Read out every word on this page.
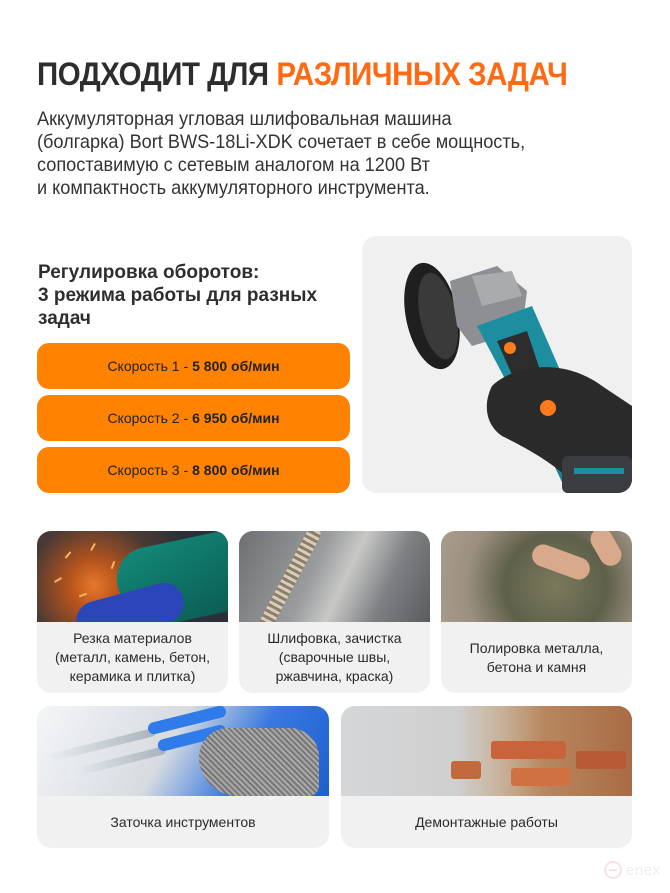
ПОДХОДИТ ДЛЯ РАЗЛИЧНЫХ ЗАДАЧ
Аккумуляторная угловая шлифовальная машина
(болгарка) Bort BWS-18Li-XDK сочетает в себе мощность,
сопоставимую с сетевым аналогом на 1200 Вт
и компактность аккумуляторного инструмента.
Регулировка оборотов:
3 режима работы для разных
задач
Скорость 1 - 5 800 об/мин
Скорость 2 - 6 950 об/мин
Скорость 3 - 8 800 об/мин
Резка материалов
(металл, камень, бетон,
керамика и плитка)
Шлифовка, зачистка
(сварочные швы,
ржавчина, краска)
Полировка металла,
бетона и камня
Заточка инструментов	Демонтажные работы
enex
